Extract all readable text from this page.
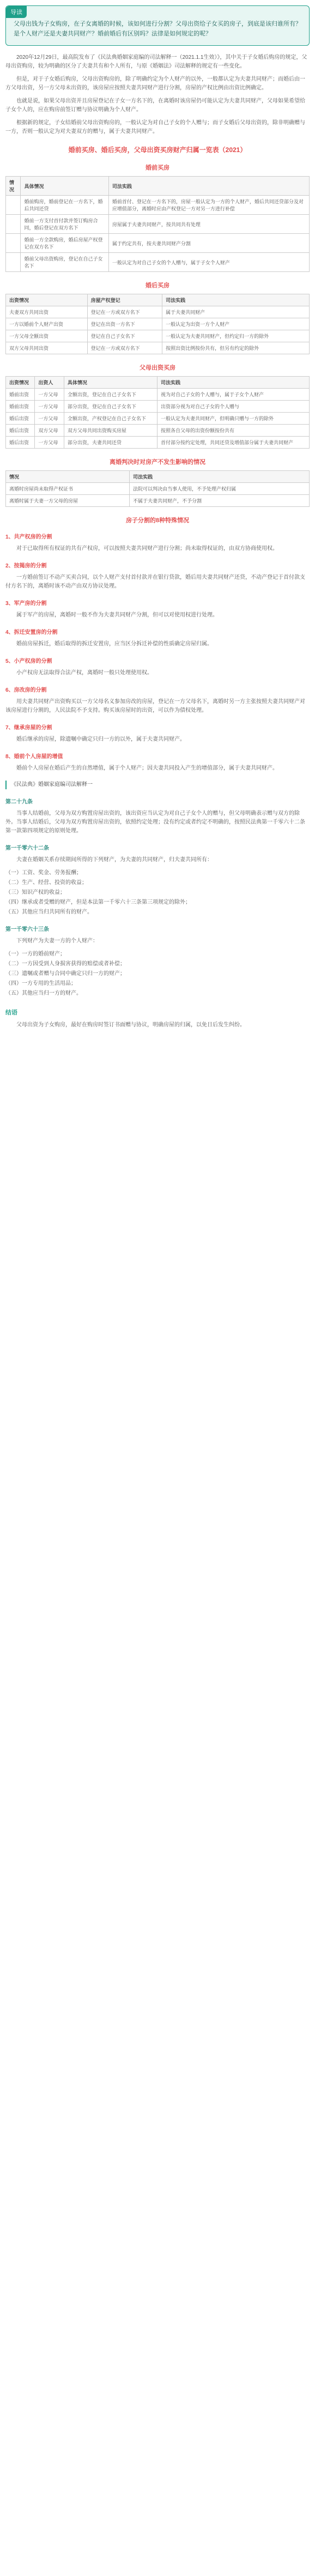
导读
父母出钱为子女购房，在子女离婚的时候，该如何进行分割？父母出资给子女买的房子，到底是该归谁所有？是个人财产还是夫妻共同财产？婚前婚后有区别吗？法律是如何规定的呢？
2020年12月29日，最高院发布了《民法典婚姻家庭编的司法解释一（2021.1.1生效）》，其中关于子女婚后购房的规定，父母出资购房，较为明确的区分了夫妻共有和个人所有，与原《婚姻法》司法解释的规定有一些变化。
但是，对于子女婚后购房，父母出资购房的，除了明确约定为个人财产的以外，一般都认定为夫妻共同财产；而婚后由一方父母出资，另一方父母未出资的，该房屋应按照夫妻共同财产进行分割，房屋的产权比例由出资比例确定。
也就是说，如果父母出资并且房屋登记在子女一方名下的，在离婚时该房屋仍可能认定为夫妻共同财产，父母如果希望给子女个人的，应在购房前签订赠与协议明确为个人财产。
根据新的规定，子女结婚前父母出资购房的，一般认定为对自己子女的个人赠与；而子女婚后父母出资的，除非明确赠与一方，否则一般认定为对夫妻双方的赠与，属于夫妻共同财产。
婚前买房、婚后买房，父母出资买房财产归属一览表（2021）
婚前买房
情况	具体情况	司法实践
	婚前购房，婚前登记在一方名下，婚后共同还贷	婚前首付、登记在一方名下的，房屋一般认定为一方的个人财产，婚后共同还贷部分及对应增值部分，离婚时应由产权登记一方对另一方进行补偿
	婚前一方支付首付款并签订购房合同，婚后登记在双方名下	房屋属于夫妻共同财产，按共同共有处理
	婚前一方全款购房，婚后房屋产权登记在双方名下	属于约定共有，按夫妻共同财产分割
	婚前父母出资购房，登记在自己子女名下	一般认定为对自己子女的个人赠与，属于子女个人财产
婚后买房
出资情况	房屋产权登记	司法实践
夫妻双方共同出资	登记在一方或双方名下	属于夫妻共同财产
一方以婚前个人财产出资	登记在出资一方名下	一般认定为出资一方个人财产
一方父母全额出资	登记在自己子女名下	一般认定为夫妻共同财产，但约定归一方的除外
双方父母共同出资	登记在一方或双方名下	按照出资比例按份共有，但另有约定的除外
父母出资买房
出资情况	出资人	具体情况	司法实践
婚前出资	一方父母	全额出资，登记在自己子女名下	视为对自己子女的个人赠与，属于子女个人财产
婚前出资	一方父母	部分出资，登记在自己子女名下	出资部分视为对自己子女的个人赠与
婚后出资	一方父母	全额出资，产权登记在自己子女名下	一般认定为夫妻共同财产，但明确只赠与一方的除外
婚后出资	双方父母	双方父母共同出资购买房屋	按照各自父母的出资份额按份共有
婚后出资	一方父母	部分出资，夫妻共同还贷	首付部分按约定处理，共同还贷及增值部分属于夫妻共同财产
离婚判决时对房产不发生影响的情况
情况	司法实践
离婚时房屋尚未取得产权证书	法院可以判决由当事人使用，不予处理产权归属
离婚时属于夫妻一方父母的房屋	不属于夫妻共同财产，不予分割
房子分割的8种特殊情况
1、共产权房的分割
对于已取得所有权证的共有产权房，可以按照夫妻共同财产进行分割；尚未取得权证的，由双方协商使用权。
2、按揭房的分割
一方婚前签订不动产买卖合同，以个人财产支付首付款并在银行贷款，婚后用夫妻共同财产还贷，不动产登记于首付款支付方名下的，离婚时该不动产由双方协议处理。
3、军产房的分割
属于军产的房屋，离婚时一般不作为夫妻共同财产分割，但可以对使用权进行处理。
4、拆迁安置房的分割
婚前房屋拆迁，婚后取得的拆迁安置房，应当区分拆迁补偿的性质确定房屋归属。
5、小产权房的分割
小产权房无法取得合法产权，离婚时一般只处理使用权。
6、房改房的分割
用夫妻共同财产出资购买以一方父母名义参加房改的房屋，登记在一方父母名下，离婚时另一方主张按照夫妻共同财产对该房屋进行分割的，人民法院不予支持。购买该房屋时的出资，可以作为债权处理。
7、继承房屋的分割
婚后继承的房屋，除遗嘱中确定只归一方的以外，属于夫妻共同财产。
8、婚前个人房屋的增值
婚前个人房屋在婚后产生的自然增值，属于个人财产；因夫妻共同投入产生的增值部分，属于夫妻共同财产。
《民法典》婚姻家庭编司法解释一
第二十九条
当事人结婚前，父母为双方购置房屋出资的，该出资应当认定为对自己子女个人的赠与，但父母明确表示赠与双方的除外。当事人结婚后，父母为双方购置房屋出资的，依照约定处理；没有约定或者约定不明确的，按照民法典第一千零六十二条第一款第四项规定的原则处理。
第一千零六十二条
夫妻在婚姻关系存续期间所得的下列财产，为夫妻的共同财产，归夫妻共同所有：
（一）工资、奖金、劳务报酬；
（二）生产、经营、投资的收益；
（三）知识产权的收益；
（四）继承或者受赠的财产，但是本法第一千零六十三条第三项规定的除外；
（五）其他应当归共同所有的财产。
第一千零六十三条
下列财产为夫妻一方的个人财产：
（一）一方的婚前财产；
（二）一方因受到人身损害获得的赔偿或者补偿；
（三）遗嘱或者赠与合同中确定只归一方的财产；
（四）一方专用的生活用品；
（五）其他应当归一方的财产。
结语
父母出资为子女购房，最好在购房时签订书面赠与协议，明确房屋的归属，以免日后发生纠纷。
